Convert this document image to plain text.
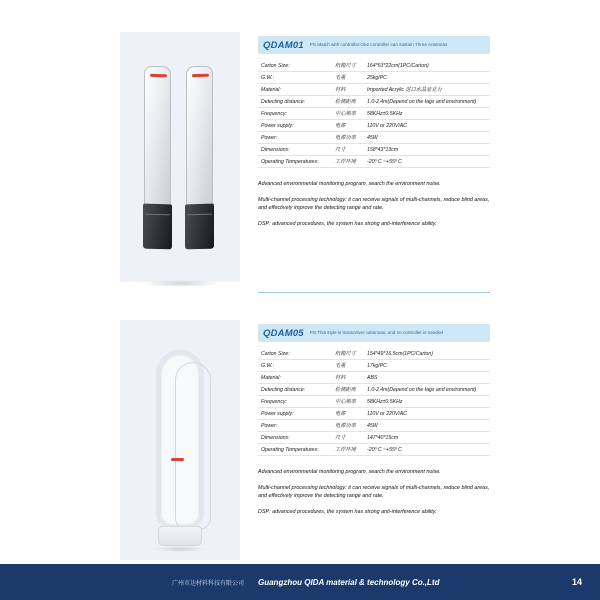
QDAM01 PS Match with controller.One controller can sustain Three Antennas
Carton Size:	纸箱尺寸	164*53*22cm(1PC/Carton)
G.W.:	毛重	25kg/PC
Material:	材料	Imported Acrylic 进口水晶亚克力
Detecting distance:	检测距离	1.0-2.4m(Depend on the tags and environment)
Frequency:	中心频率	58KHz±0.5KHz
Power supply:	电源	110V or 220V/AC
Power:	电源功率	45W
Dimensions:	尺寸	158*43*13cm
Operating Temperatures:	工作环境	-20º C ~+55º C

Advanced environmental monitoring program, search the environment noise.

Multi-channel processing technology: it can receive signals of multi-channels, reduce blind areas, and effectively improve the detecting range and rate.

DSP: advanced procedures, the system has strong anti-interference ability.

QDAM05 PS:This style is transceiver antennas, and no controller is needed
Carton Size:	纸箱尺寸	154*49*16.5cm(1PC/Carton)
G.W.:	毛重	17kg/PC
Material:	材料	ABS
Detecting distance:	检测距离	1.0-2.4m(Depend on the tags and environment)
Frequency:	中心频率	58KHz±0.5KHz
Power supply:	电源	110V or 220V/AC
Power:	电源功率	45W
Dimensions:	尺寸	147*40*15cm
Operating Temperatures:	工作环境	-20º C ~+55º C

Advanced environmental monitoring program, search the environment noise.

Multi-channel processing technology: it can receive signals of multi-channels, reduce blind areas, and effectively improve the detecting range and rate.

DSP: advanced procedures, the system has strong anti-interference ability.

广州市达材料科技有限公司 Guangzhou QIDA material & technology Co.,Ltd	14
